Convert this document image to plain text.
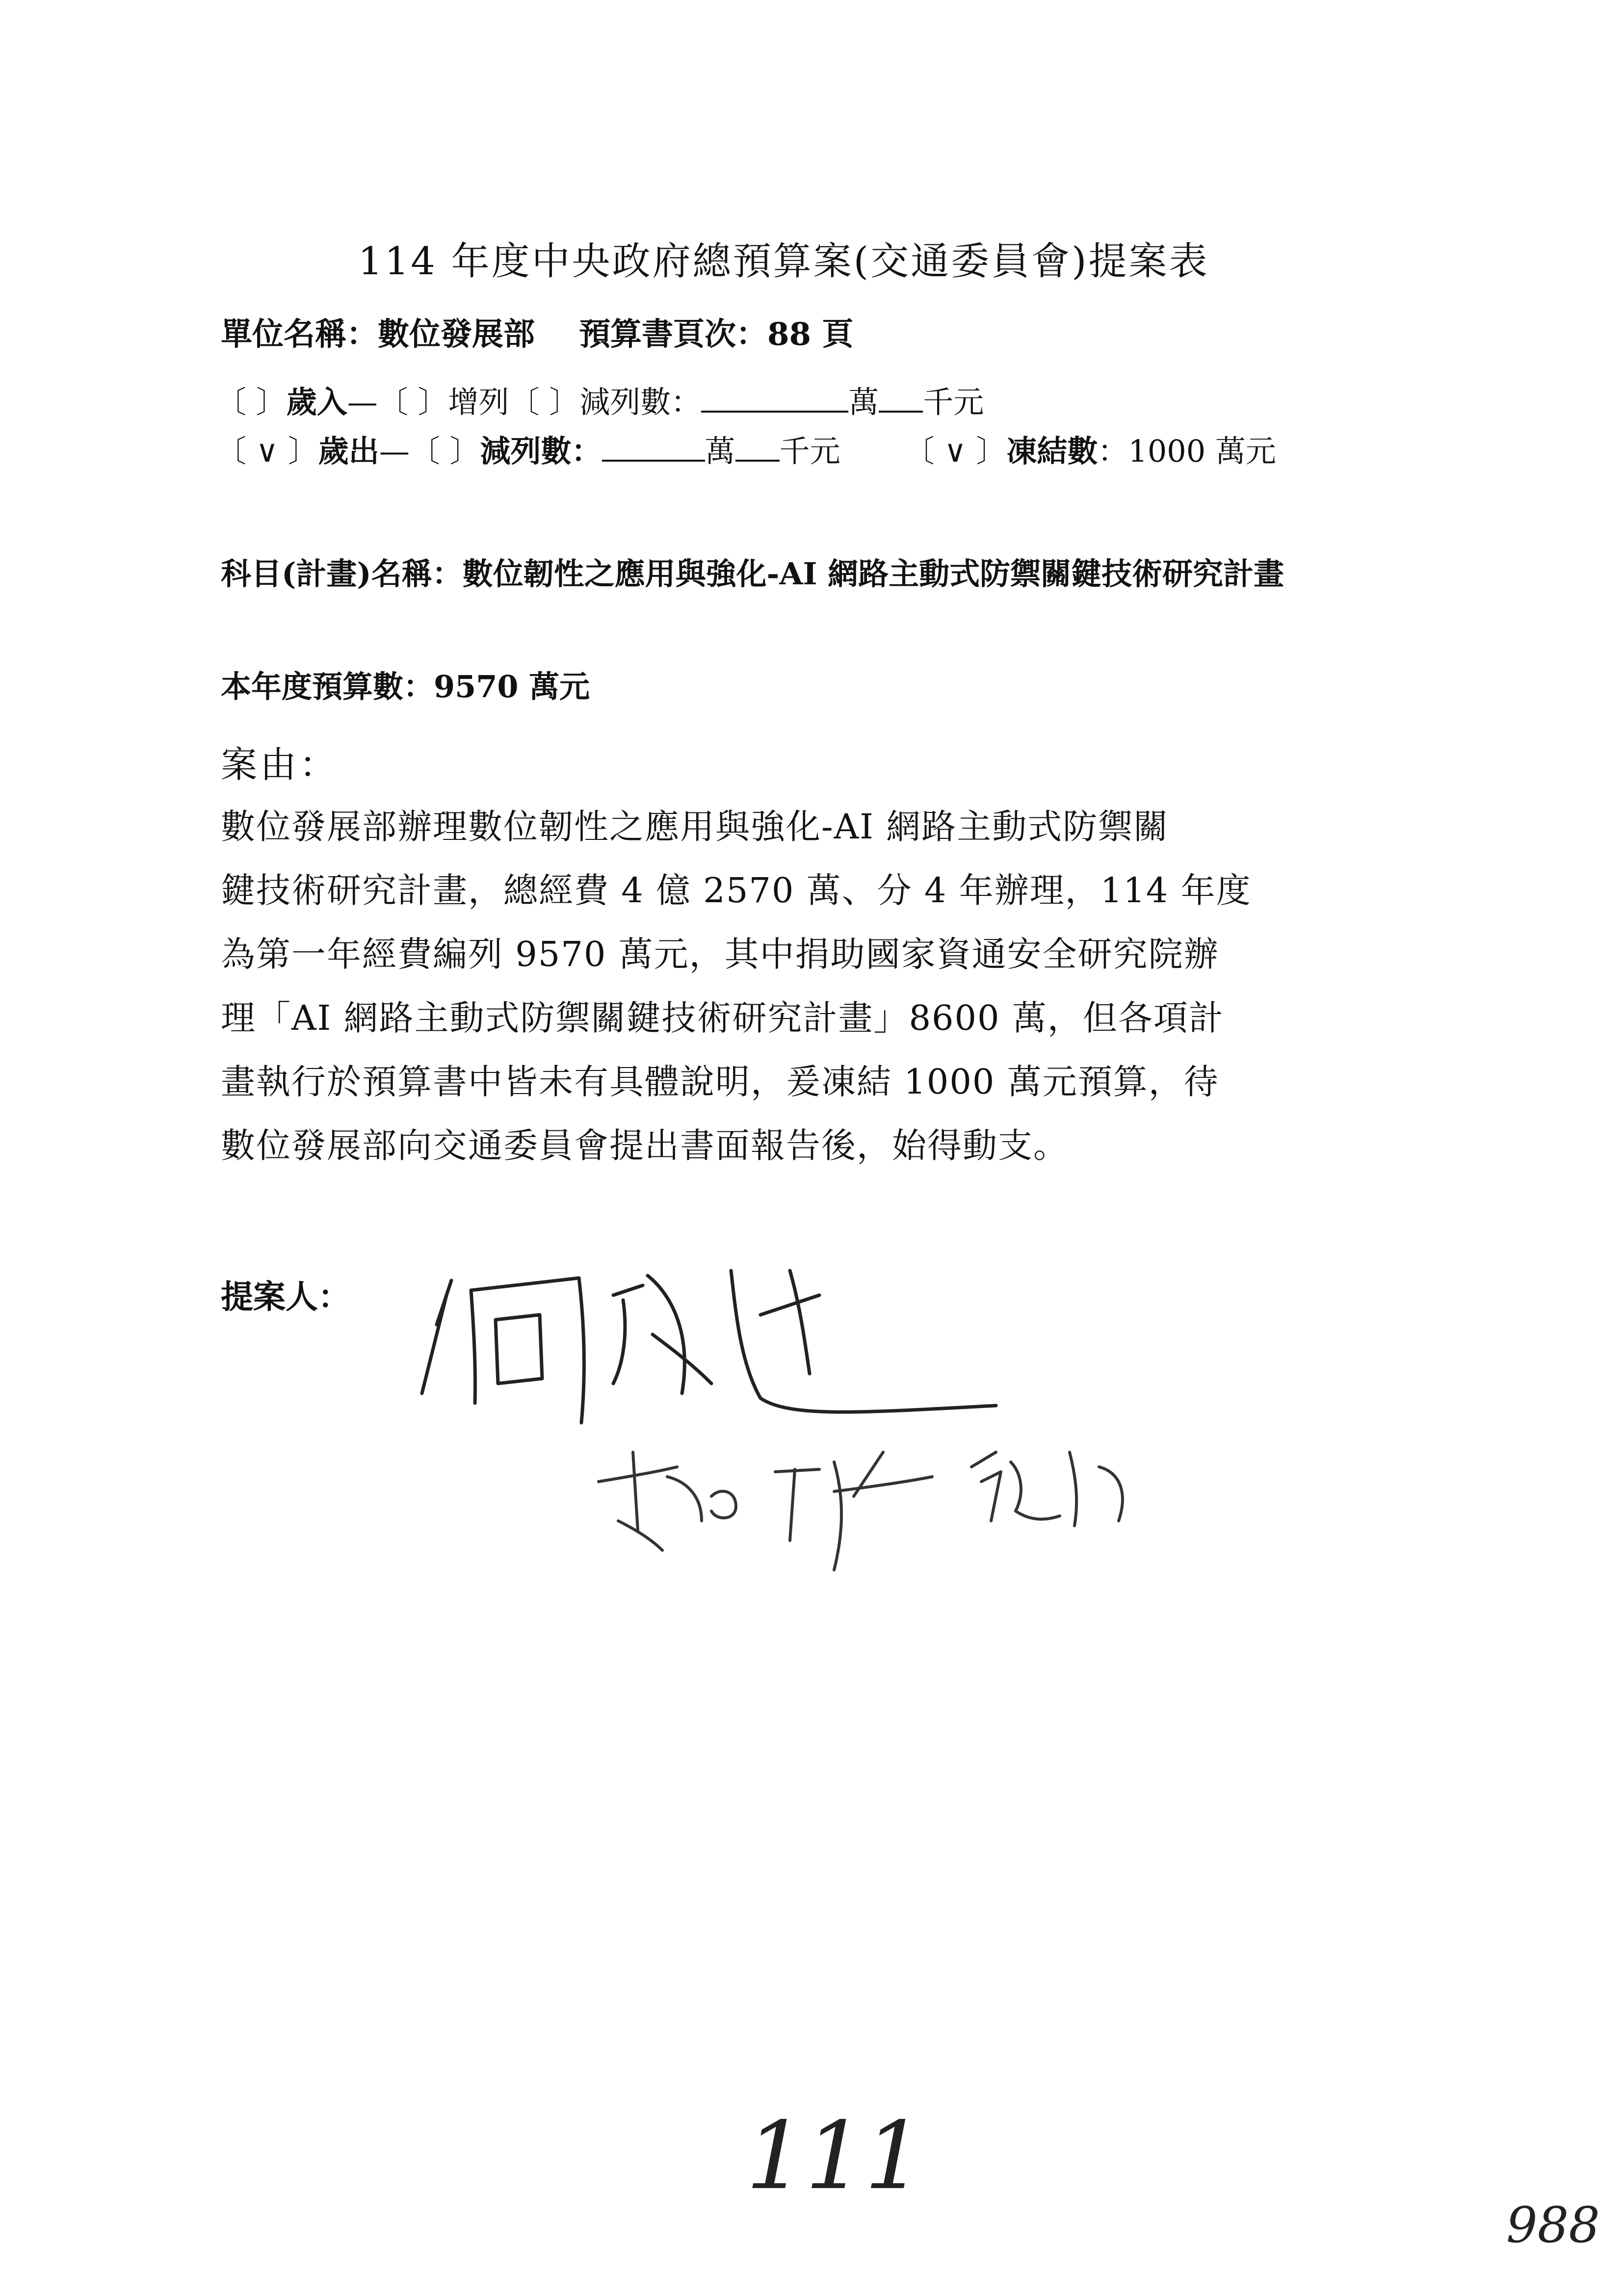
114 年度中央政府總預算案(交通委員會)提案表
單位名稱：數位發展部 預算書頁次：88 頁
〔 〕歲入—〔 〕增列〔 〕減列數：	萬 千元
〔 ∨ 〕歲出—〔 〕減列數：	萬 千元 〔 ∨ 〕凍結數：1000 萬元
科目(計畫)名稱：數位韌性之應用與強化-AI 網路主動式防禦關鍵技術研究計畫
本年度預算數：9570 萬元
案由：
數位發展部辦理數位韌性之應用與強化-AI 網路主動式防禦關
鍵技術研究計畫，總經費 4 億 2570 萬、分 4 年辦理，114 年度
為第一年經費編列 9570 萬元，其中捐助國家資通安全研究院辦
理「AI 網路主動式防禦關鍵技術研究計畫」8600 萬，但各項計
畫執行於預算書中皆未有具體說明，爰凍結 1000 萬元預算，待
數位發展部向交通委員會提出書面報告後，始得動支。
提案人：
111
988
